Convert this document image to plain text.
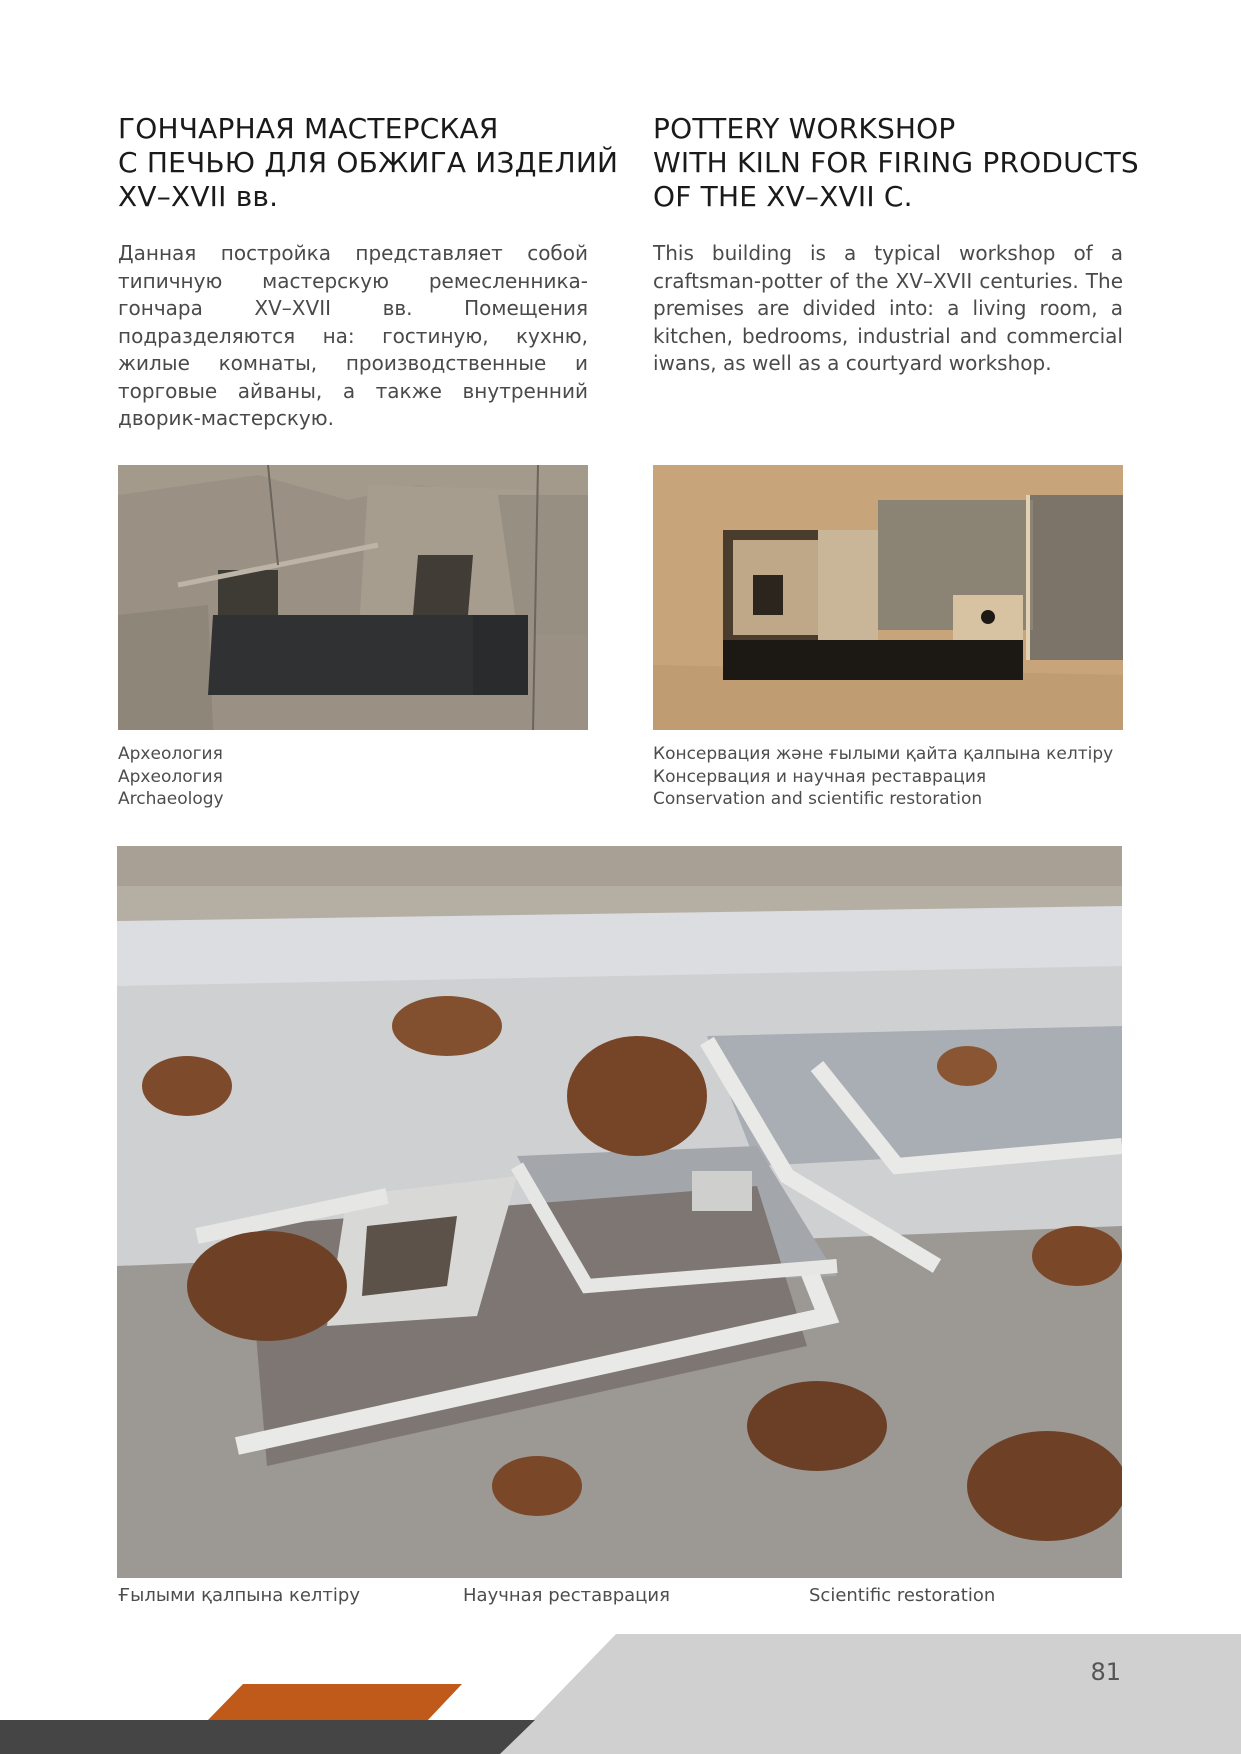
ГОНЧАРНАЯ МАСТЕРСКАЯ
С ПЕЧЬЮ ДЛЯ ОБЖИГА ИЗДЕЛИЙ
XV–XVII вв.

Данная постройка представляет собой типичную мастерскую ремесленника-гончара XV–XVII вв. Помещения подразделяются на: гостиную, кухню, жилые комнаты, производственные и торговые айваны, а также внутренний дворик-мастерскую.

POTTERY WORKSHOP
WITH KILN FOR FIRING PRODUCTS
OF THE XV–XVII C.

This building is a typical workshop of a craftsman-potter of the XV–XVII centuries. The premises are divided into: a living room, a kitchen, bedrooms, industrial and commercial iwans, as well as a courtyard workshop.

Археология
Археология
Archaeology
Консервация және ғылыми қайта қалпына келтіру
Консервация и научная реставрация
Conservation and scientific restoration
Ғылыми қалпына келтіру	Научная реставрация	Scientific restoration
81
